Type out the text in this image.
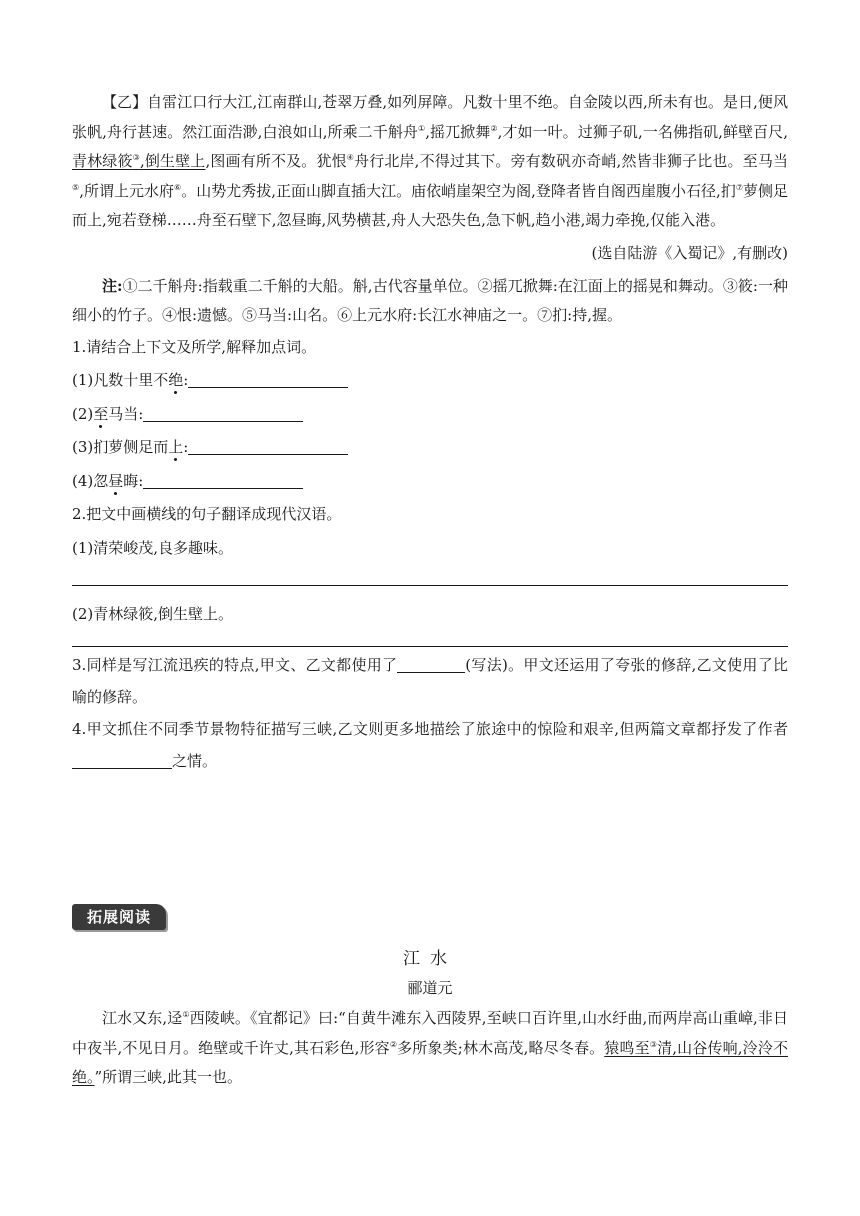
【乙】自雷江口行大江,江南群山,苍翠万叠,如列屏障。凡数十里不绝。自金陵以西,所未有也。是日,便风张帆,舟行甚速。然江面浩渺,白浪如山,所乘二千斛舟①,摇兀掀舞②,才如一叶。过狮子矶,一名佛指矶,鲜壁百尺,青林绿筱③,倒生壁上,图画有所不及。犹恨④舟行北岸,不得过其下。旁有数矾亦奇峭,然皆非狮子比也。至马当⑤,所谓上元水府⑥。山势尤秀拔,正面山脚直插大江。庙依峭崖架空为阁,登降者皆自阁西崖腹小石径,扪⑦萝侧足而上,宛若登梯……舟至石壁下,忽昼晦,风势横甚,舟人大恐失色,急下帆,趋小港,竭力牵挽,仅能入港。

(选自陆游《入蜀记》,有删改)

注:①二千斛舟:指载重二千斛的大船。斛,古代容量单位。②摇兀掀舞:在江面上的摇晃和舞动。③筱:一种细小的竹子。④恨:遗憾。⑤马当:山名。⑥上元水府:长江水神庙之一。⑦扪:持,握。

1.请结合上下文及所学,解释加点词。

(1)凡数十里不绝:

(2)至马当:

(3)扪萝侧足而上:

(4)忽昼晦:

2.把文中画横线的句子翻译成现代汉语。

(1)清荣峻茂,良多趣味。

(2)青林绿筱,倒生壁上。

3.同样是写江流迅疾的特点,甲文、乙文都使用了	(写法)。甲文还运用了夸张的修辞,乙文使用了比喻的修辞。

4.甲文抓住不同季节景物特征描写三峡,乙文则更多地描绘了旅途中的惊险和艰辛,但两篇文章都抒发了作者之情。

拓展阅读

江水

郦道元

江水又东,迳①西陵峡。《宜都记》曰:“自黄牛滩东入西陵界,至峡口百许里,山水纡曲,而两岸高山重嶂,非日中夜半,不见日月。绝壁或千许丈,其石彩色,形容②多所象类;林木高茂,略尽冬春。猿鸣至③清,山谷传响,泠泠不绝。”所谓三峡,此其一也。
